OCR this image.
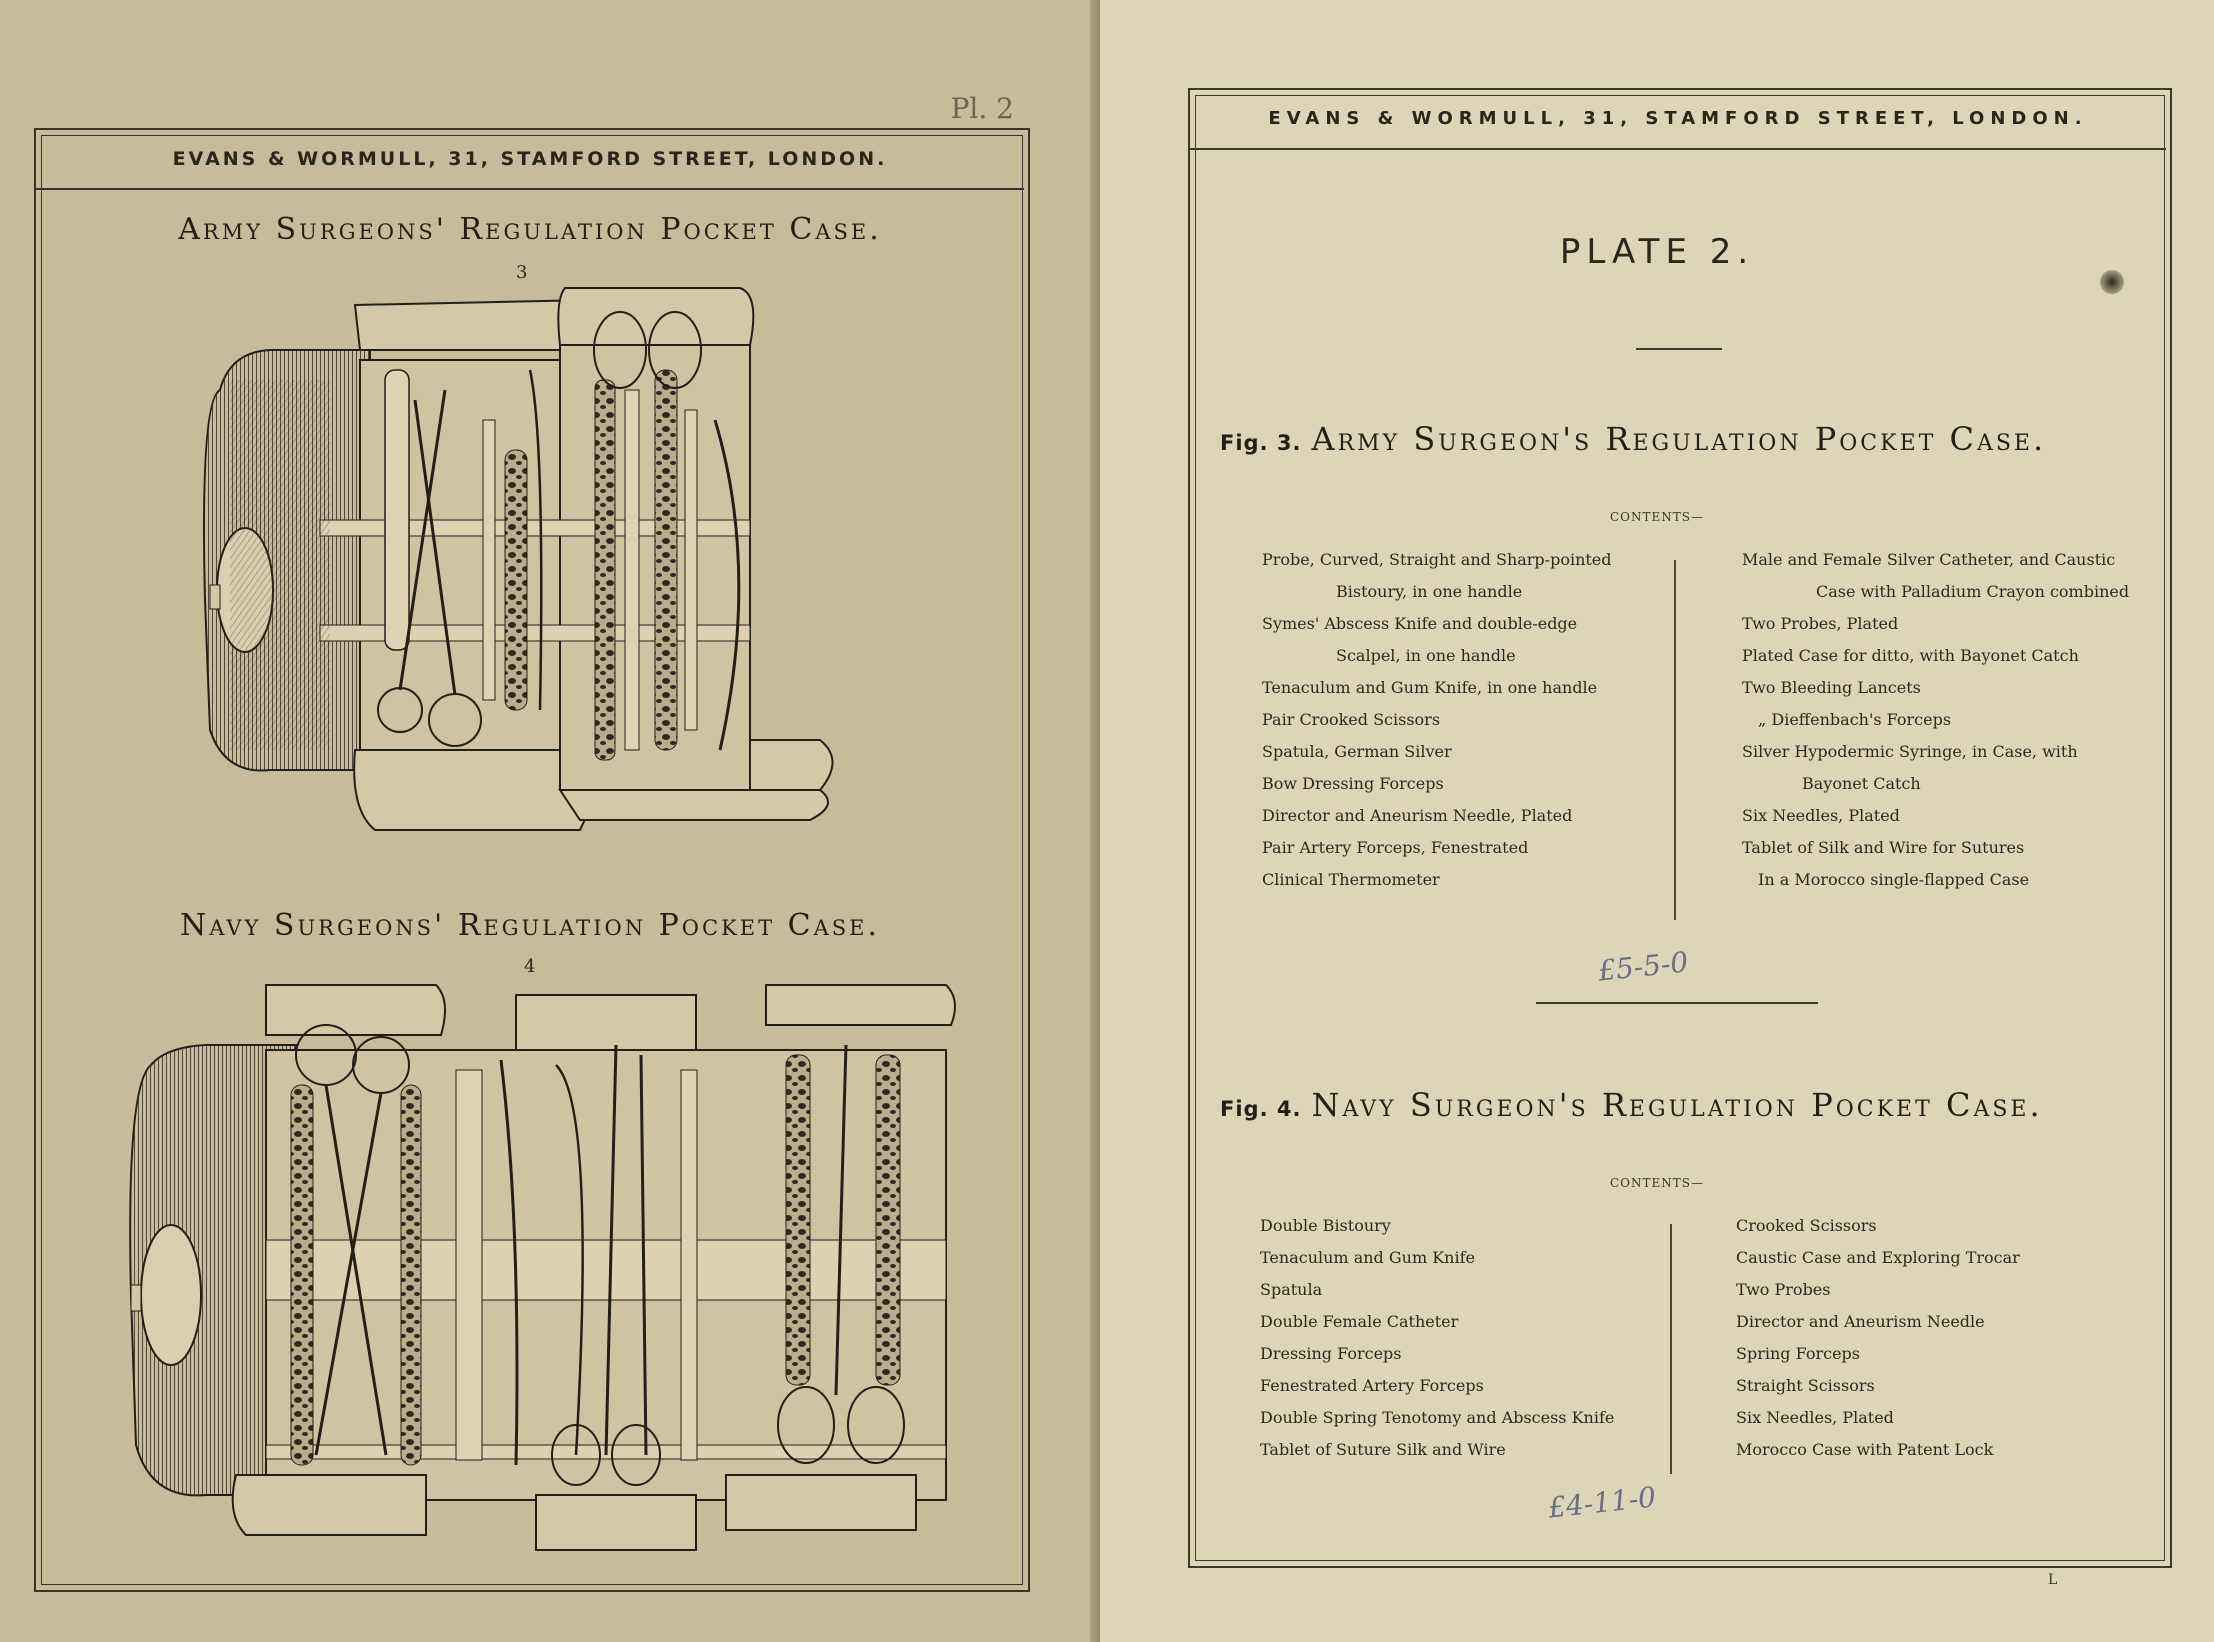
Pl. 2
EVANS & WORMULL, 31, STAMFORD STREET, LONDON.
Army Surgeons' Regulation Pocket Case.
3
Navy Surgeons' Regulation Pocket Case.
4
EVANS & WORMULL, 31, STAMFORD STREET, LONDON.
PLATE 2.
Fig. 3. Army Surgeon's Regulation Pocket Case.
CONTENTS—
Probe, Curved, Straight and Sharp-pointed
Bistoury, in one handle
Symes' Abscess Knife and double-edge
Scalpel, in one handle
Tenaculum and Gum Knife, in one handle
Pair Crooked Scissors
Spatula, German Silver
Bow Dressing Forceps
Director and Aneurism Needle, Plated
Pair Artery Forceps, Fenestrated
Clinical Thermometer
Male and Female Silver Catheter, and Caustic
Case with Palladium Crayon combined
Two Probes, Plated
Plated Case for ditto, with Bayonet Catch
Two Bleeding Lancets
„ Dieffenbach's Forceps
Silver Hypodermic Syringe, in Case, with
Bayonet Catch
Six Needles, Plated
Tablet of Silk and Wire for Sutures
In a Morocco single-flapped Case
£5-5-0
Fig. 4. Navy Surgeon's Regulation Pocket Case.
CONTENTS—
Double Bistoury
Tenaculum and Gum Knife
Spatula
Double Female Catheter
Dressing Forceps
Fenestrated Artery Forceps
Double Spring Tenotomy and Abscess Knife
Tablet of Suture Silk and Wire
Crooked Scissors
Caustic Case and Exploring Trocar
Two Probes
Director and Aneurism Needle
Spring Forceps
Straight Scissors
Six Needles, Plated
Morocco Case with Patent Lock
£4-11-0
L
